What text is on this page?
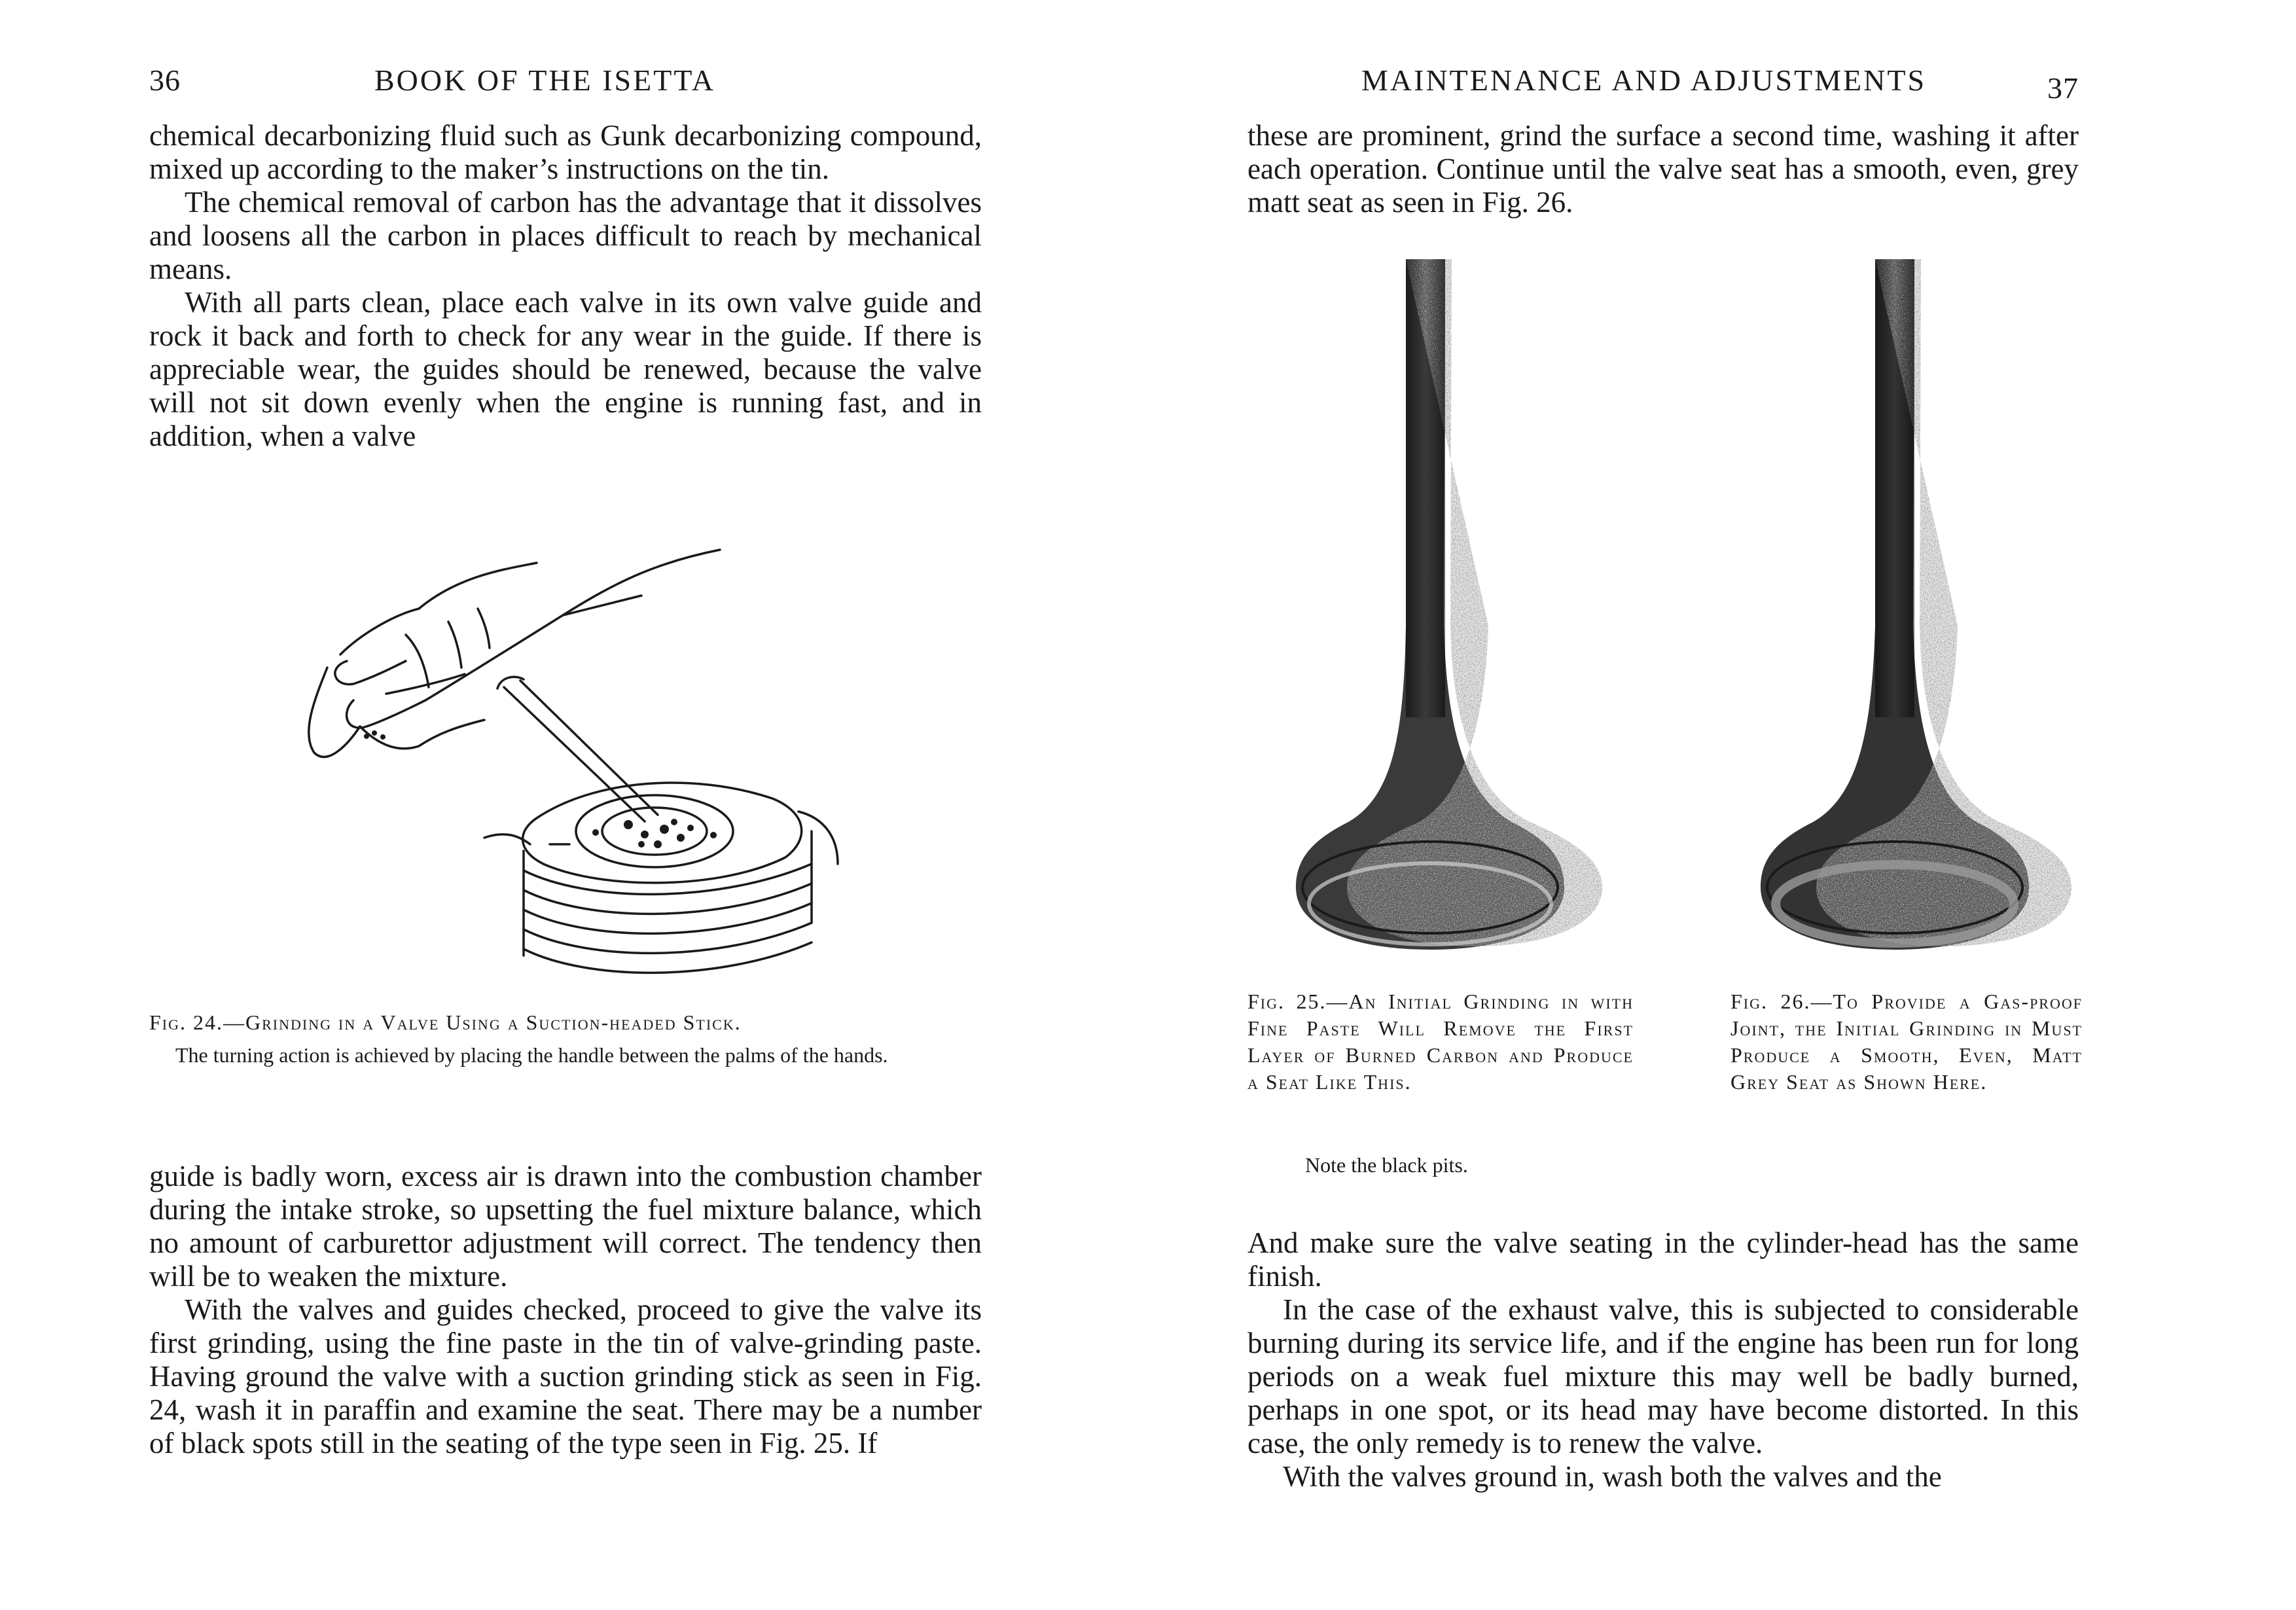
36	BOOK OF THE ISETTA

chemical decarbonizing fluid such as Gunk decarbonizing compound, mixed up according to the maker’s instructions on the tin.

The chemical removal of carbon has the advantage that it dissolves and loosens all the carbon in places difficult to reach by mechanical means.

With all parts clean, place each valve in its own valve guide and rock it back and forth to check for any wear in the guide. If there is appreciable wear, the guides should be renewed, because the valve will not sit down evenly when the engine is running fast, and in addition, when a valve

Fig. 24.—Grinding in a Valve Using a Suction-headed Stick.
The turning action is achieved by placing the handle between the palms of the hands.

guide is badly worn, excess air is drawn into the combustion chamber during the intake stroke, so upsetting the fuel mixture balance, which no amount of carburettor adjustment will correct. The tendency then will be to weaken the mixture.

With the valves and guides checked, proceed to give the valve its first grinding, using the fine paste in the tin of valve-grinding paste. Having ground the valve with a suction grinding stick as seen in Fig. 24, wash it in paraffin and examine the seat. There may be a number of black spots still in the seating of the type seen in Fig. 25. If

MAINTENANCE AND ADJUSTMENTS	37

these are prominent, grind the surface a second time, washing it after each operation. Continue until the valve seat has a smooth, even, grey matt seat as seen in Fig. 26.

Fig. 25.—An Initial Grinding in with Fine Paste Will Remove the First Layer of Burned Carbon and Produce a Seat Like This.
Note the black pits.
Fig. 26.—To Provide a Gas-proof Joint, the Initial Grinding in Must Produce a Smooth, Even, Matt Grey Seat as Shown Here.

And make sure the valve seating in the cylinder-head has the same finish.

In the case of the exhaust valve, this is subjected to considerable burning during its service life, and if the engine has been run for long periods on a weak fuel mixture this may well be badly burned, perhaps in one spot, or its head may have become distorted. In this case, the only remedy is to renew the valve.

With the valves ground in, wash both the valves and the
